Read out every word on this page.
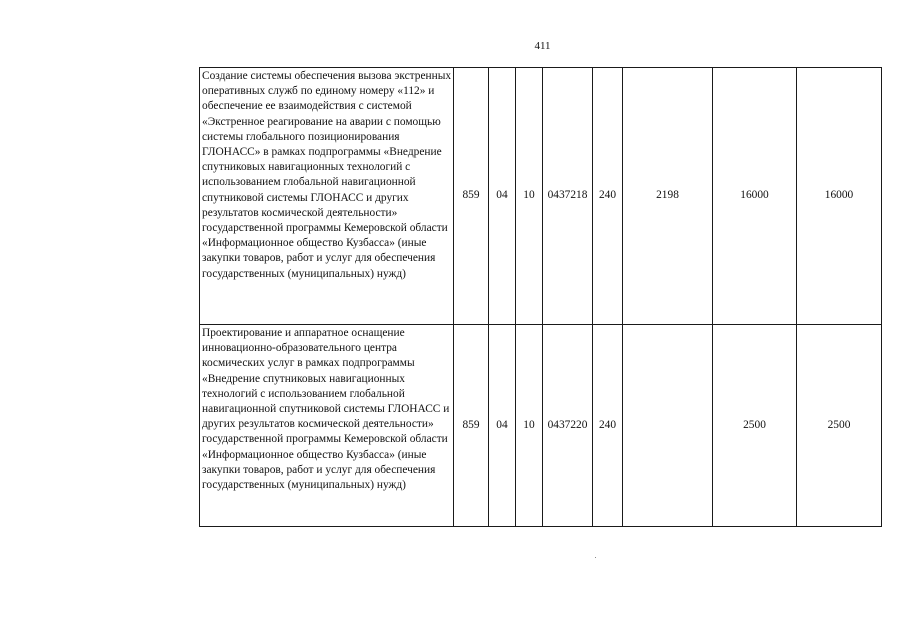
411
Создание системы обеспечения вызова экстренных оперативных служб по единому номеру «112» и обеспечение ее взаимодействия с системой «Экстренное реагирование на аварии с помощью системы глобального позиционирования ГЛОНАСС» в рамках подпрограммы «Внедрение спутниковых навигационных технологий с использованием глобальной навигационной спутниковой системы ГЛОНАСС и других результатов космической деятельности» государственной программы Кемеровской области «Информационное общество Кузбасса» (иные закупки товаров, работ и услуг для обеспечения государственных (муниципальных) нужд)	859	04	10	0437218	240	2198	16000	16000
Проектирование и аппаратное оснащение инновационно-образовательного центра космических услуг в рамках подпрограммы «Внедрение спутниковых навигационных технологий с использованием глобальной навигационной спутниковой системы ГЛОНАСС и других результатов космической деятельности» государственной программы Кемеровской области «Информационное общество Кузбасса» (иные закупки товаров, работ и услуг для обеспечения государственных (муниципальных) нужд)	859	04	10	0437220	240		2500	2500
